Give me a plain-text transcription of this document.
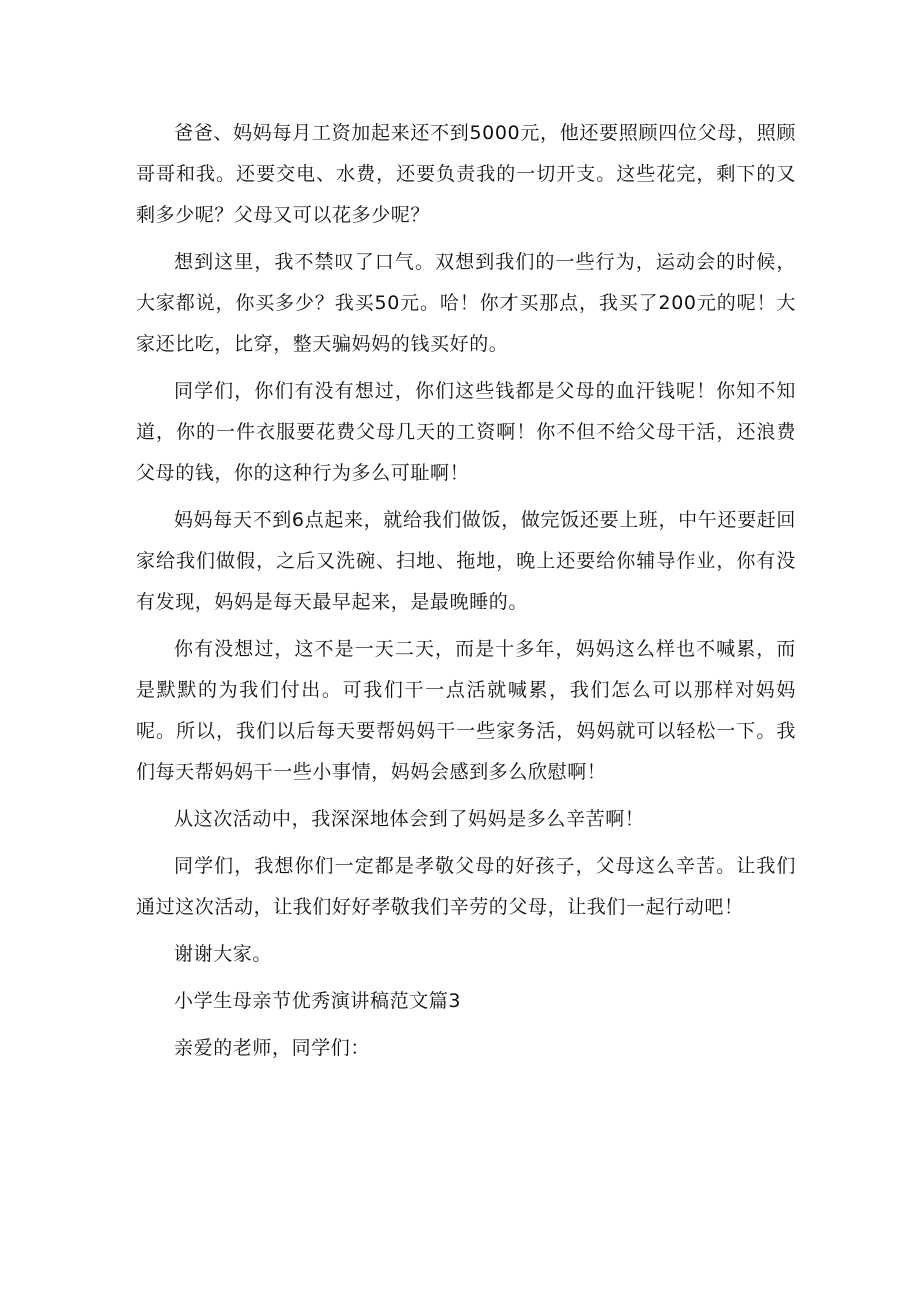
爸爸、妈妈每月工资加起来还不到5000元，他还要照顾四位父母，照顾哥哥和我。还要交电、水费，还要负责我的一切开支。这些花完，剩下的又剩多少呢？父母又可以花多少呢？

想到这里，我不禁叹了口气。双想到我们的一些行为，运动会的时候，大家都说，你买多少？我买50元。哈！你才买那点，我买了200元的呢！大家还比吃，比穿，整天骗妈妈的钱买好的。

同学们，你们有没有想过，你们这些钱都是父母的血汗钱呢！你知不知道，你的一件衣服要花费父母几天的工资啊！你不但不给父母干活，还浪费父母的钱，你的这种行为多么可耻啊！

妈妈每天不到6点起来，就给我们做饭，做完饭还要上班，中午还要赶回家给我们做假，之后又洗碗、扫地、拖地，晚上还要给你辅导作业，你有没有发现，妈妈是每天最早起来，是最晚睡的。

你有没想过，这不是一天二天，而是十多年，妈妈这么样也不喊累，而是默默的为我们付出。可我们干一点活就喊累，我们怎么可以那样对妈妈呢。所以，我们以后每天要帮妈妈干一些家务活，妈妈就可以轻松一下。我们每天帮妈妈干一些小事情，妈妈会感到多么欣慰啊！

从这次活动中，我深深地体会到了妈妈是多么辛苦啊！

同学们，我想你们一定都是孝敬父母的好孩子，父母这么辛苦。让我们通过这次活动，让我们好好孝敬我们辛劳的父母，让我们一起行动吧！

谢谢大家。

小学生母亲节优秀演讲稿范文篇3

亲爱的老师，同学们：
